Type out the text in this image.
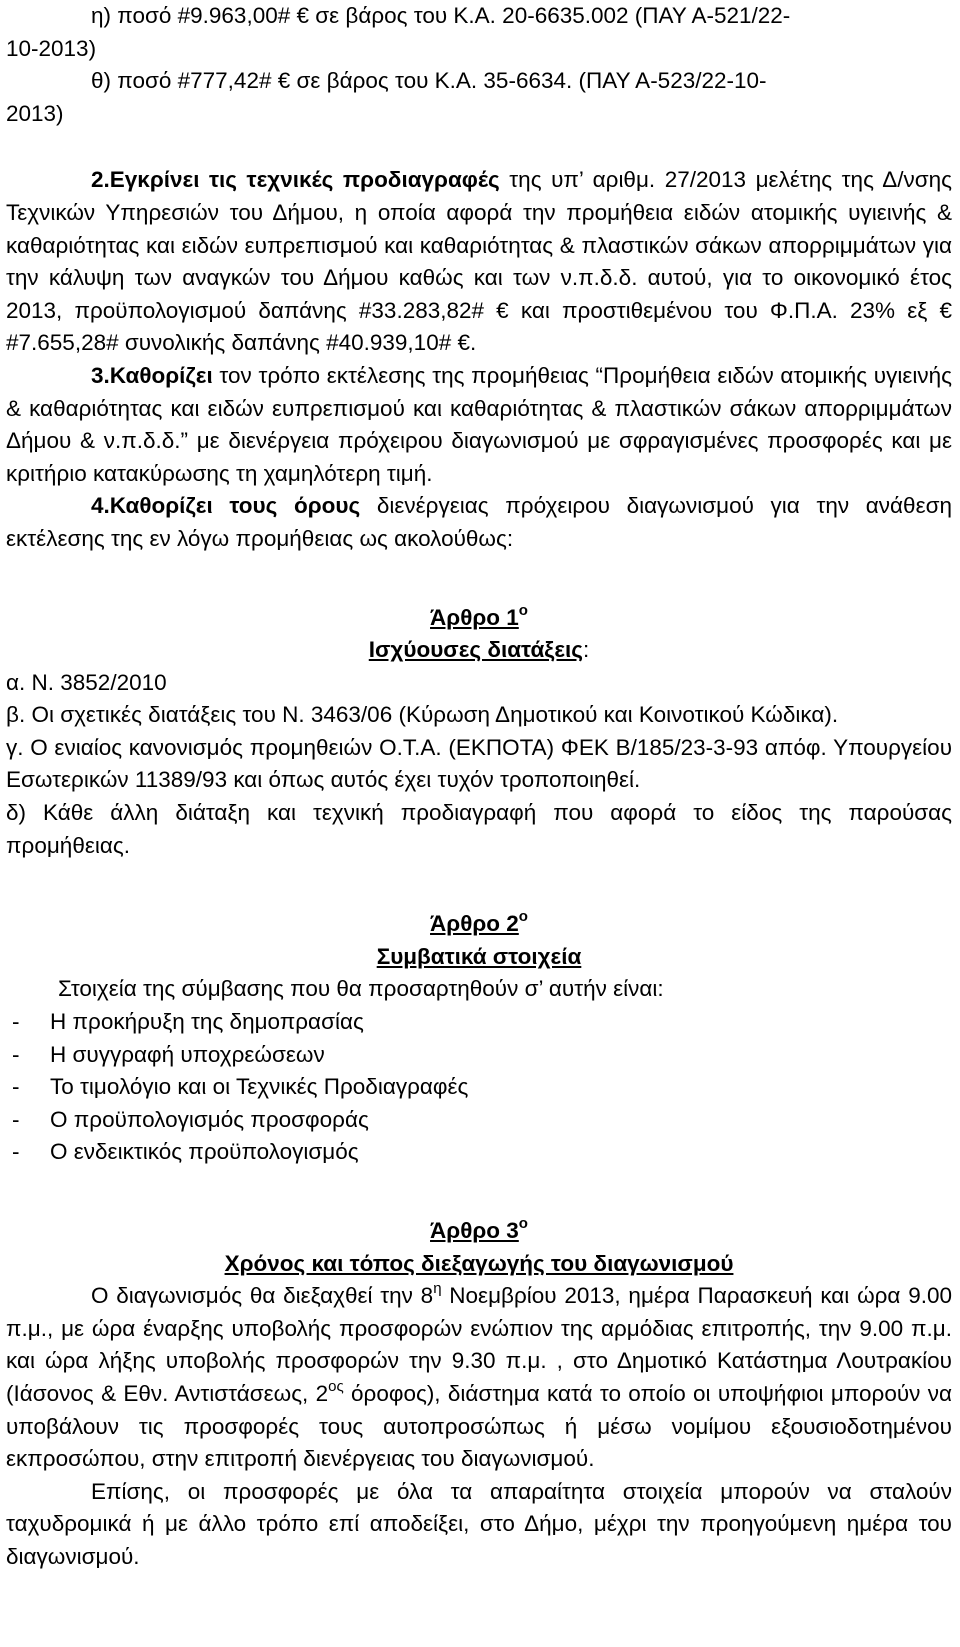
η) ποσό #9.963,00# € σε βάρος του Κ.Α. 20-6635.002 (ΠΑΥ Α-521/22-

10-2013)

θ) ποσό #777,42# € σε βάρος του Κ.Α. 35-6634. (ΠΑΥ Α-523/22-10-

2013)

2.Εγκρίνει τις τεχνικές προδιαγραφές της υπ’ αριθμ. 27/2013 μελέτης της Δ/νσης Τεχνικών Υπηρεσιών του Δήμου, η οποία αφορά την προμήθεια ειδών ατομικής υγιεινής & καθαριότητας και ειδών ευπρεπισμού και καθαριότητας & πλαστικών σάκων απορριμμάτων για την κάλυψη των αναγκών του Δήμου καθώς και των ν.π.δ.δ. αυτού, για το οικονομικό έτος 2013, προϋπολογισμού δαπάνης #33.283,82# € και προστιθεμένου του Φ.Π.Α. 23% εξ € #7.655,28# συνολικής δαπάνης #40.939,10# €.

3.Καθορίζει τον τρόπο εκτέλεσης της προμήθειας “Προμήθεια ειδών ατομικής υγιεινής & καθαριότητας και ειδών ευπρεπισμού και καθαριότητας & πλαστικών σάκων απορριμμάτων Δήμου & ν.π.δ.δ.” με διενέργεια πρόχειρου διαγωνισμού με σφραγισμένες προσφορές και με κριτήριο κατακύρωσης τη χαμηλότερη τιμή.

4.Καθορίζει τους όρους διενέργειας πρόχειρου διαγωνισμού για την ανάθεση εκτέλεσης της εν λόγω προμήθειας ως ακολούθως:

Άρθρο $1^o$

Ισχύουσες διατάξεις:

α. Ν. 3852/2010

β. Οι σχετικές διατάξεις του Ν. 3463/06 (Κύρωση Δημοτικού και Κοινοτικού Κώδικα).

γ. Ο ενιαίος κανονισμός προμηθειών Ο.Τ.Α. (ΕΚΠΟΤΑ) ΦΕΚ Β/185/23-3-93 απόφ. Υπουργείου Εσωτερικών 11389/93 και όπως αυτός έχει τυχόν τροποποιηθεί.

δ) Κάθε άλλη διάταξη και τεχνική προδιαγραφή που αφορά το είδος της παρούσας προμήθειας.

Άρθρο $2^o$

Συμβατικά στοιχεία

Στοιχεία της σύμβασης που θα προσαρτηθούν σ’ αυτήν είναι:

-	Η προκήρυξη της δημοπρασίας
-	Η συγγραφή υποχρεώσεων
-	Το τιμολόγιο και οι Τεχνικές Προδιαγραφές
-	Ο προϋπολογισμός προσφοράς
-	Ο ενδεικτικός προϋπολογισμός

Άρθρο $3^o$

Χρόνος και τόπος διεξαγωγής του διαγωνισμού

Ο διαγωνισμός θα διεξαχθεί την $8^\eta$ Νοεμβρίου 2013, ημέρα Παρασκευή και ώρα 9.00 π.μ., με ώρα έναρξης υποβολής προσφορών ενώπιον της αρμόδιας επιτροπής, την 9.00 π.μ. και ώρα λήξης υποβολής προσφορών την 9.30 π.μ. , στο Δημοτικό Κατάστημα Λουτρακίου (Ιάσονος & Εθν. Αντιστάσεως, $2^{o\varsigma}$ όροφος), διάστημα κατά το οποίο οι υποψήφιοι μπορούν να υποβάλουν τις προσφορές τους αυτοπροσώπως ή μέσω νομίμου εξουσιοδοτημένου εκπροσώπου, στην επιτροπή διενέργειας του διαγωνισμού.

Επίσης, οι προσφορές με όλα τα απαραίτητα στοιχεία μπορούν να σταλούν ταχυδρομικά ή με άλλο τρόπο επί αποδείξει, στο Δήμο, μέχρι την προηγούμενη ημέρα του διαγωνισμού.
